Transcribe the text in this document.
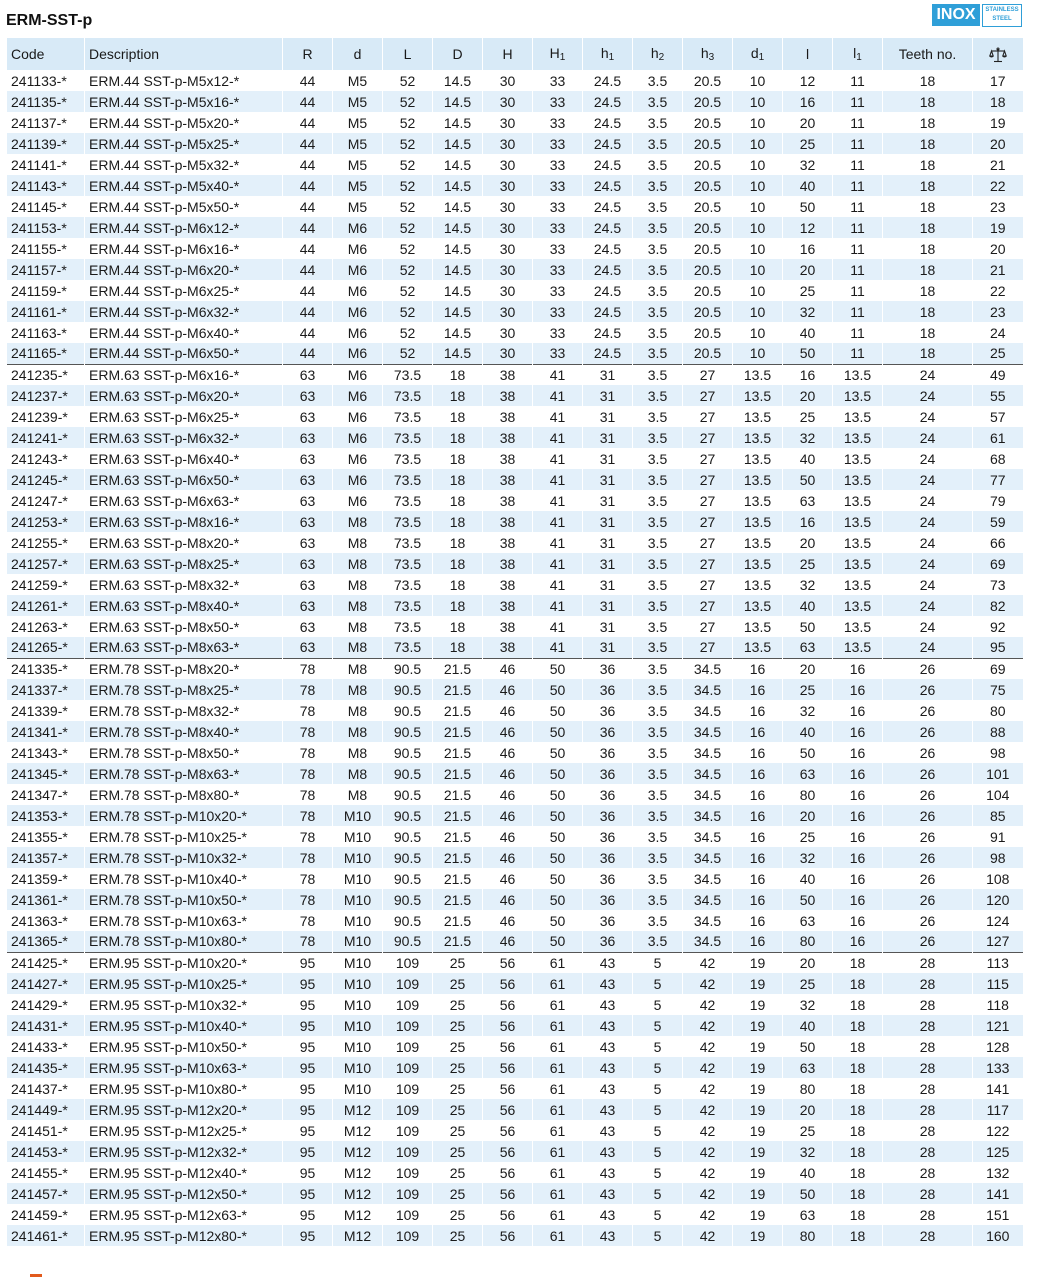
ERM-SST-p	INOX	STAINLESS
STEEL
Code	Description	R	d	L	D	H	$H_1$	$h_1$	$h_2$	$h_3$	$d_1$	l	$l_1$	Teeth no.	
241133-*	ERM.44 SST-p-M5x12-*	44	M5	52	14.5	30	33	24.5	3.5	20.5	10	12	11	18	17
241135-*	ERM.44 SST-p-M5x16-*	44	M5	52	14.5	30	33	24.5	3.5	20.5	10	16	11	18	18
241137-*	ERM.44 SST-p-M5x20-*	44	M5	52	14.5	30	33	24.5	3.5	20.5	10	20	11	18	19
241139-*	ERM.44 SST-p-M5x25-*	44	M5	52	14.5	30	33	24.5	3.5	20.5	10	25	11	18	20
241141-*	ERM.44 SST-p-M5x32-*	44	M5	52	14.5	30	33	24.5	3.5	20.5	10	32	11	18	21
241143-*	ERM.44 SST-p-M5x40-*	44	M5	52	14.5	30	33	24.5	3.5	20.5	10	40	11	18	22
241145-*	ERM.44 SST-p-M5x50-*	44	M5	52	14.5	30	33	24.5	3.5	20.5	10	50	11	18	23
241153-*	ERM.44 SST-p-M6x12-*	44	M6	52	14.5	30	33	24.5	3.5	20.5	10	12	11	18	19
241155-*	ERM.44 SST-p-M6x16-*	44	M6	52	14.5	30	33	24.5	3.5	20.5	10	16	11	18	20
241157-*	ERM.44 SST-p-M6x20-*	44	M6	52	14.5	30	33	24.5	3.5	20.5	10	20	11	18	21
241159-*	ERM.44 SST-p-M6x25-*	44	M6	52	14.5	30	33	24.5	3.5	20.5	10	25	11	18	22
241161-*	ERM.44 SST-p-M6x32-*	44	M6	52	14.5	30	33	24.5	3.5	20.5	10	32	11	18	23
241163-*	ERM.44 SST-p-M6x40-*	44	M6	52	14.5	30	33	24.5	3.5	20.5	10	40	11	18	24
241165-*	ERM.44 SST-p-M6x50-*	44	M6	52	14.5	30	33	24.5	3.5	20.5	10	50	11	18	25
241235-*	ERM.63 SST-p-M6x16-*	63	M6	73.5	18	38	41	31	3.5	27	13.5	16	13.5	24	49
241237-*	ERM.63 SST-p-M6x20-*	63	M6	73.5	18	38	41	31	3.5	27	13.5	20	13.5	24	55
241239-*	ERM.63 SST-p-M6x25-*	63	M6	73.5	18	38	41	31	3.5	27	13.5	25	13.5	24	57
241241-*	ERM.63 SST-p-M6x32-*	63	M6	73.5	18	38	41	31	3.5	27	13.5	32	13.5	24	61
241243-*	ERM.63 SST-p-M6x40-*	63	M6	73.5	18	38	41	31	3.5	27	13.5	40	13.5	24	68
241245-*	ERM.63 SST-p-M6x50-*	63	M6	73.5	18	38	41	31	3.5	27	13.5	50	13.5	24	77
241247-*	ERM.63 SST-p-M6x63-*	63	M6	73.5	18	38	41	31	3.5	27	13.5	63	13.5	24	79
241253-*	ERM.63 SST-p-M8x16-*	63	M8	73.5	18	38	41	31	3.5	27	13.5	16	13.5	24	59
241255-*	ERM.63 SST-p-M8x20-*	63	M8	73.5	18	38	41	31	3.5	27	13.5	20	13.5	24	66
241257-*	ERM.63 SST-p-M8x25-*	63	M8	73.5	18	38	41	31	3.5	27	13.5	25	13.5	24	69
241259-*	ERM.63 SST-p-M8x32-*	63	M8	73.5	18	38	41	31	3.5	27	13.5	32	13.5	24	73
241261-*	ERM.63 SST-p-M8x40-*	63	M8	73.5	18	38	41	31	3.5	27	13.5	40	13.5	24	82
241263-*	ERM.63 SST-p-M8x50-*	63	M8	73.5	18	38	41	31	3.5	27	13.5	50	13.5	24	92
241265-*	ERM.63 SST-p-M8x63-*	63	M8	73.5	18	38	41	31	3.5	27	13.5	63	13.5	24	95
241335-*	ERM.78 SST-p-M8x20-*	78	M8	90.5	21.5	46	50	36	3.5	34.5	16	20	16	26	69
241337-*	ERM.78 SST-p-M8x25-*	78	M8	90.5	21.5	46	50	36	3.5	34.5	16	25	16	26	75
241339-*	ERM.78 SST-p-M8x32-*	78	M8	90.5	21.5	46	50	36	3.5	34.5	16	32	16	26	80
241341-*	ERM.78 SST-p-M8x40-*	78	M8	90.5	21.5	46	50	36	3.5	34.5	16	40	16	26	88
241343-*	ERM.78 SST-p-M8x50-*	78	M8	90.5	21.5	46	50	36	3.5	34.5	16	50	16	26	98
241345-*	ERM.78 SST-p-M8x63-*	78	M8	90.5	21.5	46	50	36	3.5	34.5	16	63	16	26	101
241347-*	ERM.78 SST-p-M8x80-*	78	M8	90.5	21.5	46	50	36	3.5	34.5	16	80	16	26	104
241353-*	ERM.78 SST-p-M10x20-*	78	M10	90.5	21.5	46	50	36	3.5	34.5	16	20	16	26	85
241355-*	ERM.78 SST-p-M10x25-*	78	M10	90.5	21.5	46	50	36	3.5	34.5	16	25	16	26	91
241357-*	ERM.78 SST-p-M10x32-*	78	M10	90.5	21.5	46	50	36	3.5	34.5	16	32	16	26	98
241359-*	ERM.78 SST-p-M10x40-*	78	M10	90.5	21.5	46	50	36	3.5	34.5	16	40	16	26	108
241361-*	ERM.78 SST-p-M10x50-*	78	M10	90.5	21.5	46	50	36	3.5	34.5	16	50	16	26	120
241363-*	ERM.78 SST-p-M10x63-*	78	M10	90.5	21.5	46	50	36	3.5	34.5	16	63	16	26	124
241365-*	ERM.78 SST-p-M10x80-*	78	M10	90.5	21.5	46	50	36	3.5	34.5	16	80	16	26	127
241425-*	ERM.95 SST-p-M10x20-*	95	M10	109	25	56	61	43	5	42	19	20	18	28	113
241427-*	ERM.95 SST-p-M10x25-*	95	M10	109	25	56	61	43	5	42	19	25	18	28	115
241429-*	ERM.95 SST-p-M10x32-*	95	M10	109	25	56	61	43	5	42	19	32	18	28	118
241431-*	ERM.95 SST-p-M10x40-*	95	M10	109	25	56	61	43	5	42	19	40	18	28	121
241433-*	ERM.95 SST-p-M10x50-*	95	M10	109	25	56	61	43	5	42	19	50	18	28	128
241435-*	ERM.95 SST-p-M10x63-*	95	M10	109	25	56	61	43	5	42	19	63	18	28	133
241437-*	ERM.95 SST-p-M10x80-*	95	M10	109	25	56	61	43	5	42	19	80	18	28	141
241449-*	ERM.95 SST-p-M12x20-*	95	M12	109	25	56	61	43	5	42	19	20	18	28	117
241451-*	ERM.95 SST-p-M12x25-*	95	M12	109	25	56	61	43	5	42	19	25	18	28	122
241453-*	ERM.95 SST-p-M12x32-*	95	M12	109	25	56	61	43	5	42	19	32	18	28	125
241455-*	ERM.95 SST-p-M12x40-*	95	M12	109	25	56	61	43	5	42	19	40	18	28	132
241457-*	ERM.95 SST-p-M12x50-*	95	M12	109	25	56	61	43	5	42	19	50	18	28	141
241459-*	ERM.95 SST-p-M12x63-*	95	M12	109	25	56	61	43	5	42	19	63	18	28	151
241461-*	ERM.95 SST-p-M12x80-*	95	M12	109	25	56	61	43	5	42	19	80	18	28	160
